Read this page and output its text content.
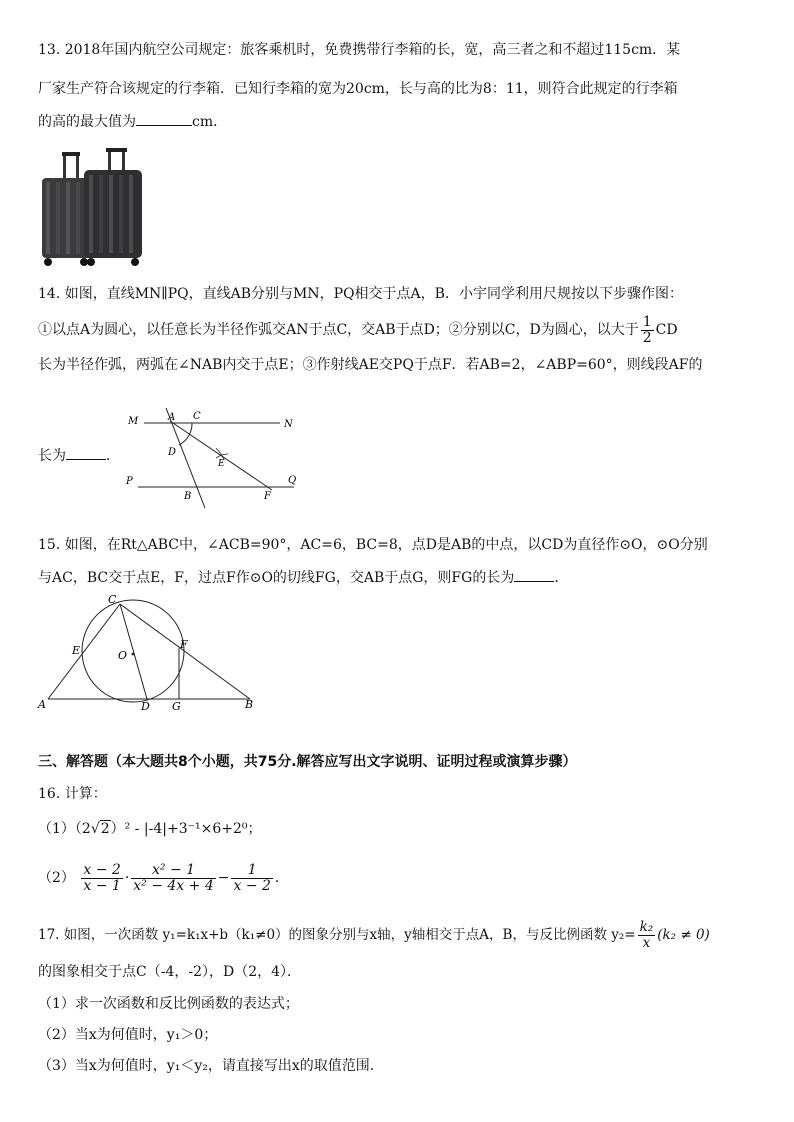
13. 2018年国内航空公司规定：旅客乘机时，免费携带行李箱的长，宽，高三者之和不超过115cm．某
厂家生产符合该规定的行李箱．已知行李箱的宽为20cm，长与高的比为8：11，则符合此规定的行李箱
的高的最大值为	cm．
14. 如图，直线MN∥PQ，直线AB分别与MN，PQ相交于点A，B．小宇同学利用尺规按以下步骤作图：
①以点A为圆心，以任意长为半径作弧交AN于点C，交AB于点D；②分别以C，D为圆心，以大于 $\frac{1}{2}$ CD
长为半径作弧，两弧在∠NAB内交于点E；③作射线AE交PQ于点F．若AB=2，∠ABP=60°，则线段AF的
长为	．
M	A C
N
D
E
P
B	F
Q
15. 如图，在Rt△ABC中，∠ACB=90°，AC=6，BC=8，点D是AB的中点，以CD为直径作⊙O，⊙O分别
与AC，BC交于点E，F，过点F作⊙O的切线FG，交AB于点G，则FG的长为	．
C
E	O
F
A	D G	B
三、解答题（本大题共8个小题，共75分.解答应写出文字说明、证明过程或演算步骤）
16. 计算：
（1）（2√2）² - |-4|+3⁻¹×6+2⁰；
$(2) \frac{x - 2}{x - 1} \cdot \frac{\text{x² − 1}}{\text{x² − 4x + 4}} - \frac{1}{x - 2}$ ．
17. 如图，一次函数 y₁=k₁x+b（k₁≠0）的图象分别与x轴，y轴相交于点A，B，与反比例函数 $y_2= \frac{\text{k₂}}{x} (k_2 \ne 0)$
的图象相交于点C（-4，-2），D（2，4）．
（1）求一次函数和反比例函数的表达式；
（2）当x为何值时，y₁＞0；
（3）当x为何值时，y₁＜y₂，请直接写出x的取值范围．
